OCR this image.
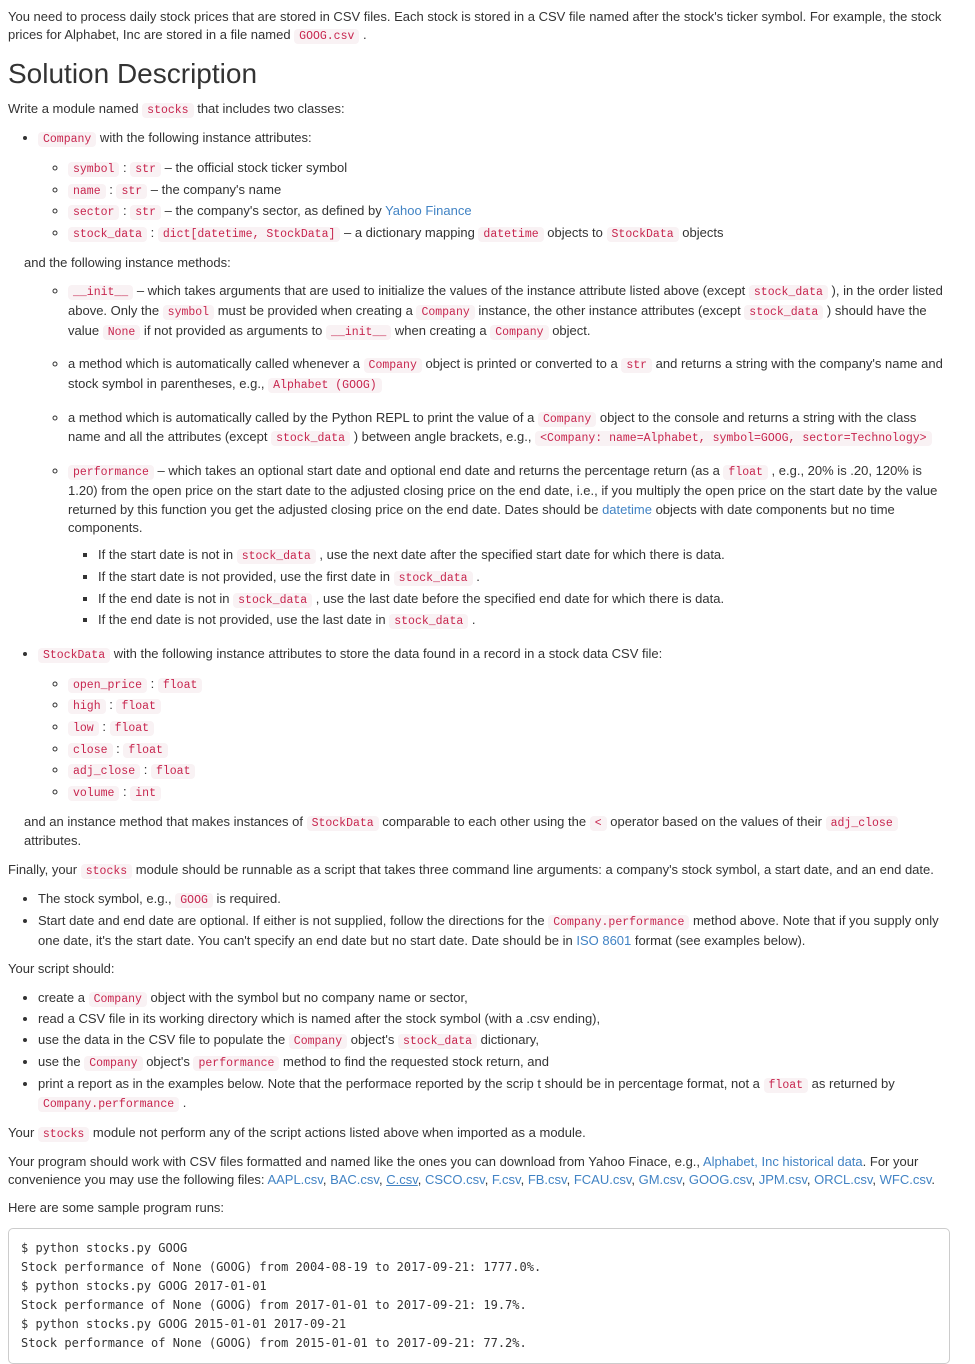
You need to process daily stock prices that are stored in CSV files. Each stock is stored in a CSV file named after the stock's ticker symbol. For example, the stock prices for Alphabet, Inc are stored in a file named GOOG.csv .

Solution Description

Write a module named stocks that includes two classes:

• Company with the following instance attributes:
◦ symbol : str – the official stock ticker symbol
◦ name : str – the company's name
◦ sector : str – the company's sector, as defined by Yahoo Finance
◦ stock_data : dict[datetime, StockData] – a dictionary mapping datetime objects to StockData objects
and the following instance methods:
◦ __init__ – which takes arguments that are used to initialize the values of the instance attribute listed above (except stock_data ), in the order listed above. Only the symbol must be provided when creating a Company instance, the other instance attributes (except stock_data ) should have the value None if not provided as arguments to __init__ when creating a Company object.
◦ a method which is automatically called whenever a Company object is printed or converted to a str and returns a string with the company's name and stock symbol in parentheses, e.g., Alphabet (GOOG)
◦ a method which is automatically called by the Python REPL to print the value of a Company object to the console and returns a string with the class name and all the attributes (except stock_data ) between angle brackets, e.g., <Company: name=Alphabet, symbol=GOOG, sector=Technology>
◦ performance – which takes an optional start date and optional end date and returns the percentage return (as a float , e.g., 20% is .20, 120% is 1.20) from the open price on the start date to the adjusted closing price on the end date, i.e., if you multiply the open price on the start date by the value returned by this function you get the adjusted closing price on the end date. Dates should be datetime objects with date components but no time components.
▪ If the start date is not in stock_data , use the next date after the specified start date for which there is data.
▪ If the start date is not provided, use the first date in stock_data .
▪ If the end date is not in stock_data , use the last date before the specified end date for which there is data.
▪ If the end date is not provided, use the last date in stock_data .
• StockData with the following instance attributes to store the data found in a record in a stock data CSV file:
◦ open_price : float
◦ high : float
◦ low : float
◦ close : float
◦ adj_close : float
◦ volume : int
and an instance method that makes instances of StockData comparable to each other using the < operator based on the values of their adj_close attributes.

Finally, your stocks module should be runnable as a script that takes three command line arguments: a company's stock symbol, a start date, and an end date.

• The stock symbol, e.g., GOOG is required.
• Start date and end date are optional. If either is not supplied, follow the directions for the Company.performance method above. Note that if you supply only one date, it's the start date. You can't specify an end date but no start date. Date should be in ISO 8601 format (see examples below).

Your script should:

• create a Company object with the symbol but no company name or sector,
• read a CSV file in its working directory which is named after the stock symbol (with a .csv ending),
• use the data in the CSV file to populate the Company object's stock_data dictionary,
• use the Company object's performance method to find the requested stock return, and
• print a report as in the examples below. Note that the performace reported by the scrip t should be in percentage format, not a float as returned by Company.performance .

Your stocks module not perform any of the script actions listed above when imported as a module.

Your program should work with CSV files formatted and named like the ones you can download from Yahoo Finace, e.g., Alphabet, Inc historical data. For your convenience you may use the following files: AAPL.csv, BAC.csv, C.csv, CSCO.csv, F.csv, FB.csv, FCAU.csv, GM.csv, GOOG.csv, JPM.csv, ORCL.csv, WFC.csv.

Here are some sample program runs:

$ python stocks.py GOOG
Stock performance of None (GOOG) from 2004-08-19 to 2017-09-21: 1777.0%.
$ python stocks.py GOOG 2017-01-01
Stock performance of None (GOOG) from 2017-01-01 to 2017-09-21: 19.7%.
$ python stocks.py GOOG 2015-01-01 2017-09-21
Stock performance of None (GOOG) from 2015-01-01 to 2017-09-21: 77.2%.
